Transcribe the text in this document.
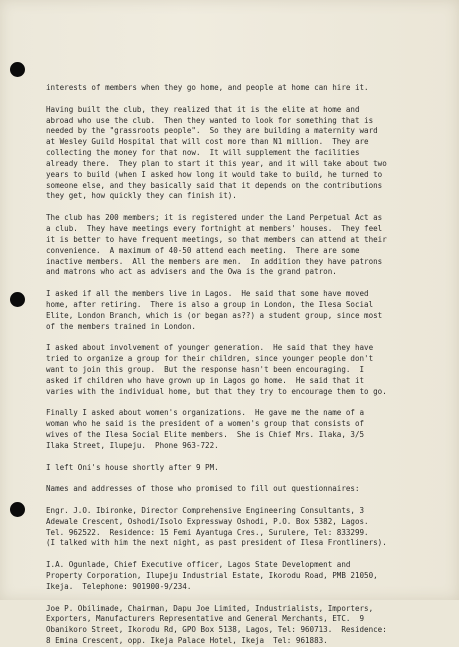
interests of members when they go home, and people at home can hire it.
Having built the club, they realized that it is the elite at home and
abroad who use the club.  Then they wanted to look for something that is
needed by the "grassroots people".  So they are building a maternity ward
at Wesley Guild Hospital that will cost more than N1 million.  They are
collecting the money for that now.  It will supplement the facilities
already there.  They plan to start it this year, and it will take about two
years to build (when I asked how long it would take to build, he turned to
someone else, and they basically said that it depends on the contributions
they get, how quickly they can finish it).
The club has 200 members; it is registered under the Land Perpetual Act as
a club.  They have meetings every fortnight at members' houses.  They feel
it is better to have frequent meetings, so that members can attend at their
convenience.  A maximum of 40-50 attend each meeting.  There are some
inactive members.  All the members are men.  In addition they have patrons
and matrons who act as advisers and the Owa is the grand patron.
I asked if all the members live in Lagos.  He said that some have moved
home, after retiring.  There is also a group in London, the Ilesa Social
Elite, London Branch, which is (or began as??) a student group, since most
of the members trained in London.
I asked about involvement of younger generation.  He said that they have
tried to organize a group for their children, since younger people don't
want to join this group.  But the response hasn't been encouraging.  I
asked if children who have grown up in Lagos go home.  He said that it
varies with the individual home, but that they try to encourage them to go.
Finally I asked about women's organizations.  He gave me the name of a
woman who he said is the president of a women's group that consists of
wives of the Ilesa Social Elite members.  She is Chief Mrs. Ilaka, 3/5
Ilaka Street, Ilupeju.  Phone 963-722.
I left Oni's house shortly after 9 PM.
Names and addresses of those who promised to fill out questionnaires:
Engr. J.O. Ibironke, Director Comprehensive Engineering Consultants, 3
Adewale Crescent, Oshodi/Isolo Expressway Oshodi, P.O. Box 5382, Lagos.
Tel. 962522.  Residence: 15 Femi Ayantuga Cres., Surulere, Tel: 833299.
(I talked with him the next night, as past president of Ilesa Frontliners).
I.A. Ogunlade, Chief Executive officer, Lagos State Development and
Property Corporation, Ilupeju Industrial Estate, Ikorodu Road, PMB 21050,
Ikeja.  Telephone: 901900-9/234.
Joe P. Obilimade, Chairman, Dapu Joe Limited, Industrialists, Importers,
Exporters, Manufacturers Representative and General Merchants, ETC.  9
Obanikoro Street, Ikorodu Rd, GPO Box 5138, Lagos, Tel: 960713.  Residence:
8 Emina Crescent, opp. Ikeja Palace Hotel, Ikeja  Tel: 961883.
